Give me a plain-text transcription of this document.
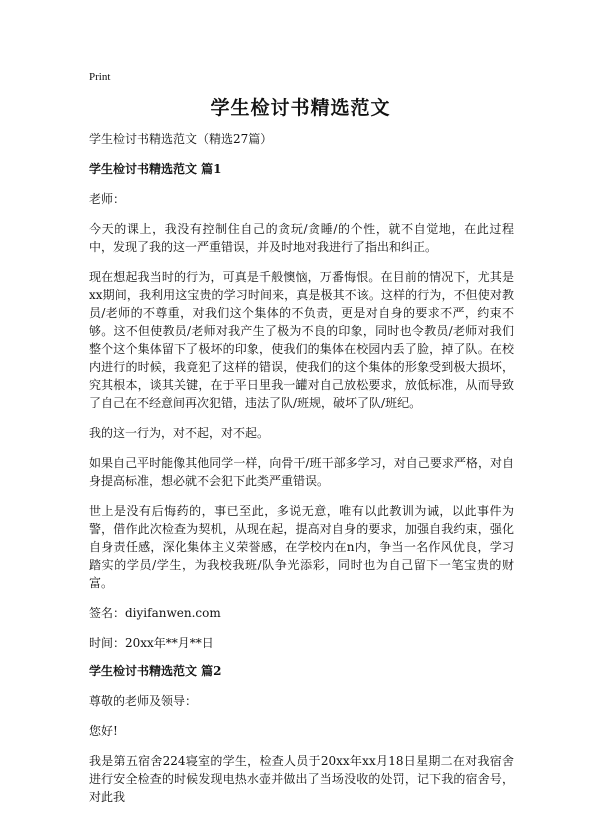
Print
学生检讨书精选范文
学生检讨书精选范文（精选27篇）
学生检讨书精选范文 篇1

老师：

今天的课上，我没有控制住自己的贪玩/贪睡/的个性，就不自觉地，在此过程中，发现了我的这一严重错误，并及时地对我进行了指出和纠正。

现在想起我当时的行为，可真是千般懊恼，万番悔恨。在目前的情况下，尤其是xx期间，我利用这宝贵的学习时间来，真是极其不该。这样的行为，不但使对教员/老师的不尊重，对我们这个集体的不负责，更是对自身的要求不严，约束不够。这不但使教员/老师对我产生了极为不良的印象，同时也令教员/老师对我们整个这个集体留下了极坏的印象，使我们的集体在校园内丢了脸，掉了队。在校内进行的时候，我竟犯了这样的错误，使我们的这个集体的形象受到极大损坏，究其根本，谈其关键，在于平日里我一罐对自己放松要求，放低标准，从而导致了自己在不经意间再次犯错，违法了队/班规，破坏了队/班纪。

我的这一行为，对不起，对不起。

如果自己平时能像其他同学一样，向骨干/班干部多学习，对自己要求严格，对自身提高标准，想必就不会犯下此类严重错误。

世上是没有后悔药的，事已至此，多说无意，唯有以此教训为诫，以此事件为警，借作此次检查为契机，从现在起，提高对自身的要求，加强自我约束，强化自身责任感，深化集体主义荣誉感，在学校内在n内，争当一名作风优良，学习踏实的学员/学生，为我校我班/队争光添彩，同时也为自己留下一笔宝贵的财富。

签名：diyifanwen.com

时间：20xx年**月**日

学生检讨书精选范文 篇2

尊敬的老师及领导：

您好!

我是第五宿舍224寝室的学生，检查人员于20xx年xx月18日星期二在对我宿舍进行安全检查的时候发现电热水壶并做出了当场没收的处罚，记下我的宿舍号，对此我
